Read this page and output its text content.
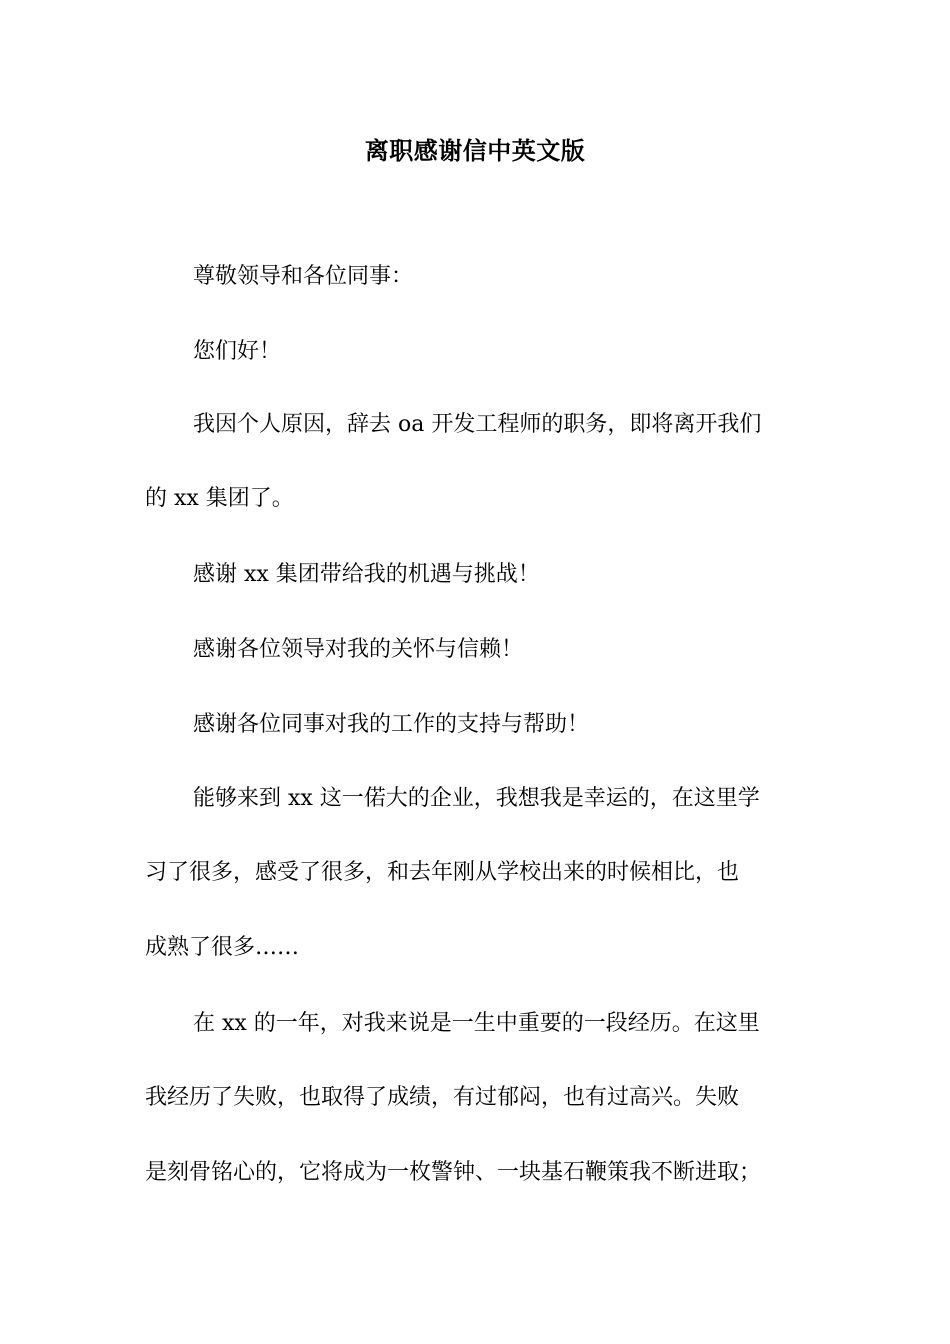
离职感谢信中英文版
尊敬领导和各位同事：
您们好！
我因个人原因，辞去 oa 开发工程师的职务，即将离开我们
的 xx 集团了。
感谢 xx 集团带给我的机遇与挑战！
感谢各位领导对我的关怀与信赖！
感谢各位同事对我的工作的支持与帮助！
能够来到 xx 这一偌大的企业，我想我是幸运的，在这里学
习了很多，感受了很多，和去年刚从学校出来的时候相比，也
成熟了很多……
在 xx 的一年，对我来说是一生中重要的一段经历。在这里
我经历了失败，也取得了成绩，有过郁闷，也有过高兴。失败
是刻骨铭心的，它将成为一枚警钟、一块基石鞭策我不断进取；
